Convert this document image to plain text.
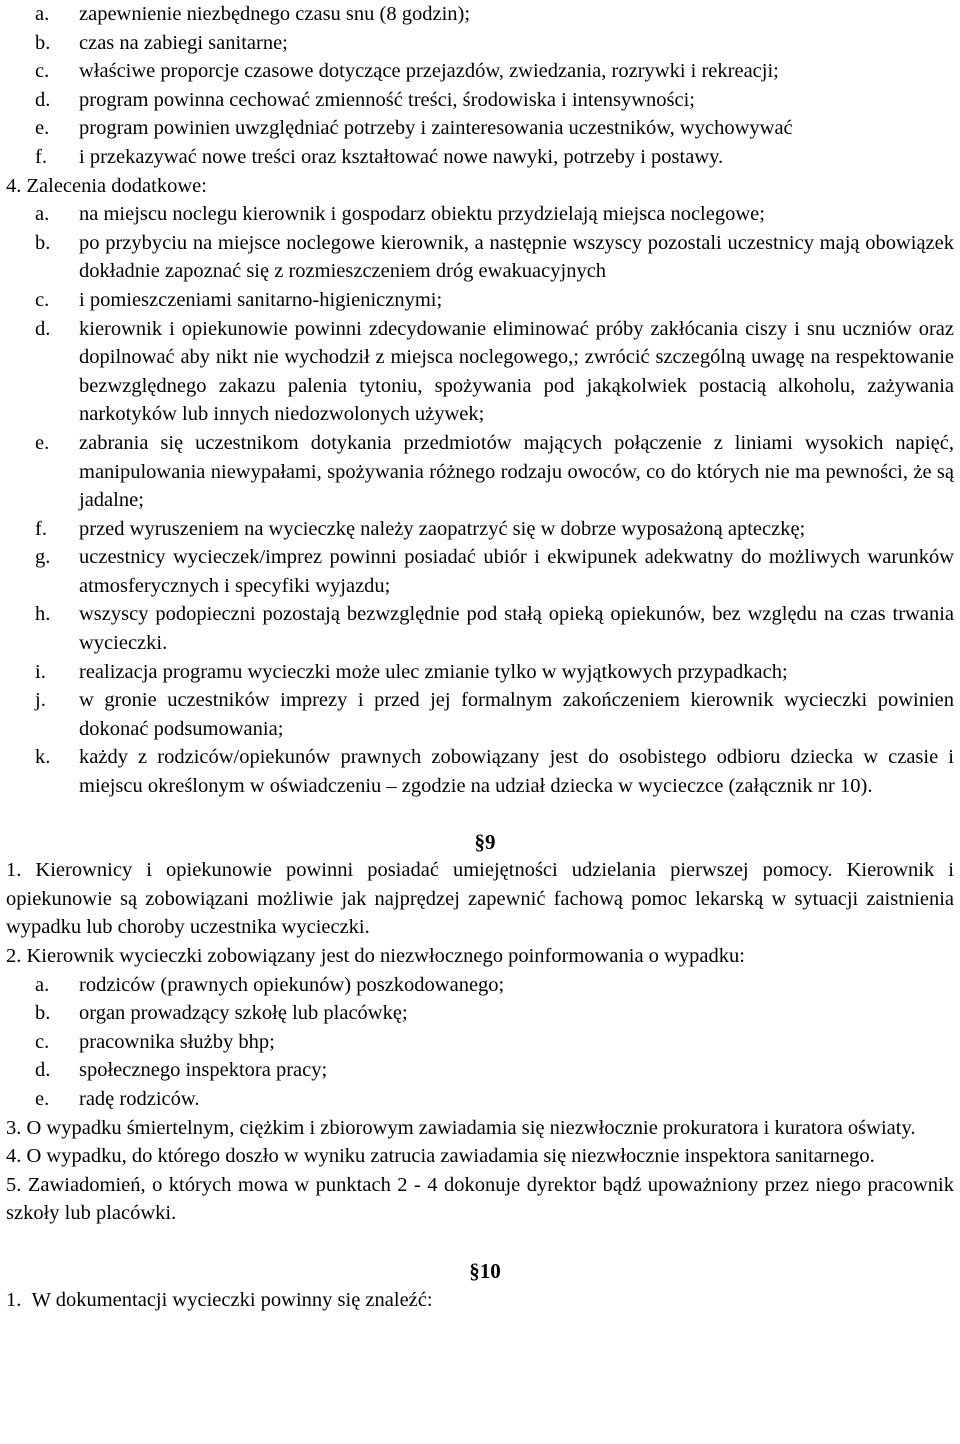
a. zapewnienie niezbędnego czasu snu (8 godzin);
b. czas na zabiegi sanitarne;
c. właściwe proporcje czasowe dotyczące przejazdów, zwiedzania, rozrywki i rekreacji;
d. program powinna cechować zmienność treści, środowiska i intensywności;
e. program powinien uwzględniać potrzeby i zainteresowania uczestników, wychowywać
f. i przekazywać nowe treści oraz kształtować nowe nawyki, potrzeby i postawy.
4. Zalecenia dodatkowe:
a. na miejscu noclegu kierownik i gospodarz obiektu przydzielają miejsca noclegowe;
b. po przybyciu na miejsce noclegowe kierownik, a następnie wszyscy pozostali uczestnicy mają obowiązek dokładnie zapoznać się z rozmieszczeniem dróg ewakuacyjnych
c. i pomieszczeniami sanitarno-higienicznymi;
d. kierownik i opiekunowie powinni zdecydowanie eliminować próby zakłócania ciszy i snu uczniów oraz dopilnować aby nikt nie wychodził z miejsca noclegowego,; zwrócić szczególną uwagę na respektowanie bezwzględnego zakazu palenia tytoniu, spożywania pod jakąkolwiek postacią alkoholu, zażywania narkotyków lub innych niedozwolonych używek;
e. zabrania się uczestnikom dotykania przedmiotów mających połączenie z liniami wysokich napięć, manipulowania niewypałami, spożywania różnego rodzaju owoców, co do których nie ma pewności, że są jadalne;
f. przed wyruszeniem na wycieczkę należy zaopatrzyć się w dobrze wyposażoną apteczkę;
g. uczestnicy wycieczek/imprez powinni posiadać ubiór i ekwipunek adekwatny do możliwych warunków atmosferycznych i specyfiki wyjazdu;
h. wszyscy podopieczni pozostają bezwzględnie pod stałą opieką opiekunów, bez względu na czas trwania wycieczki.
i. realizacja programu wycieczki może ulec zmianie tylko w wyjątkowych przypadkach;
j. w gronie uczestników imprezy i przed jej formalnym zakończeniem kierownik wycieczki powinien dokonać podsumowania;
k. każdy z rodziców/opiekunów prawnych zobowiązany jest do osobistego odbioru dziecka w czasie i miejscu określonym w oświadczeniu – zgodzie na udział dziecka w wycieczce (załącznik nr 10).
§9
1. Kierownicy i opiekunowie powinni posiadać umiejętności udzielania pierwszej pomocy. Kierownik i opiekunowie są zobowiązani możliwie jak najprędzej zapewnić fachową pomoc lekarską w sytuacji zaistnienia wypadku lub choroby uczestnika wycieczki.
2. Kierownik wycieczki zobowiązany jest do niezwłocznego poinformowania o wypadku:
a. rodziców (prawnych opiekunów) poszkodowanego;
b. organ prowadzący szkołę lub placówkę;
c. pracownika służby bhp;
d. społecznego inspektora pracy;
e. radę rodziców.
3. O wypadku śmiertelnym, ciężkim i zbiorowym zawiadamia się niezwłocznie prokuratora i kuratora oświaty.
4. O wypadku, do którego doszło w wyniku zatrucia zawiadamia się niezwłocznie inspektora sanitarnego.
5. Zawiadomień, o których mowa w punktach 2 - 4 dokonuje dyrektor bądź upoważniony przez niego pracownik szkoły lub placówki.
§10
1. W dokumentacji wycieczki powinny się znaleźć:
